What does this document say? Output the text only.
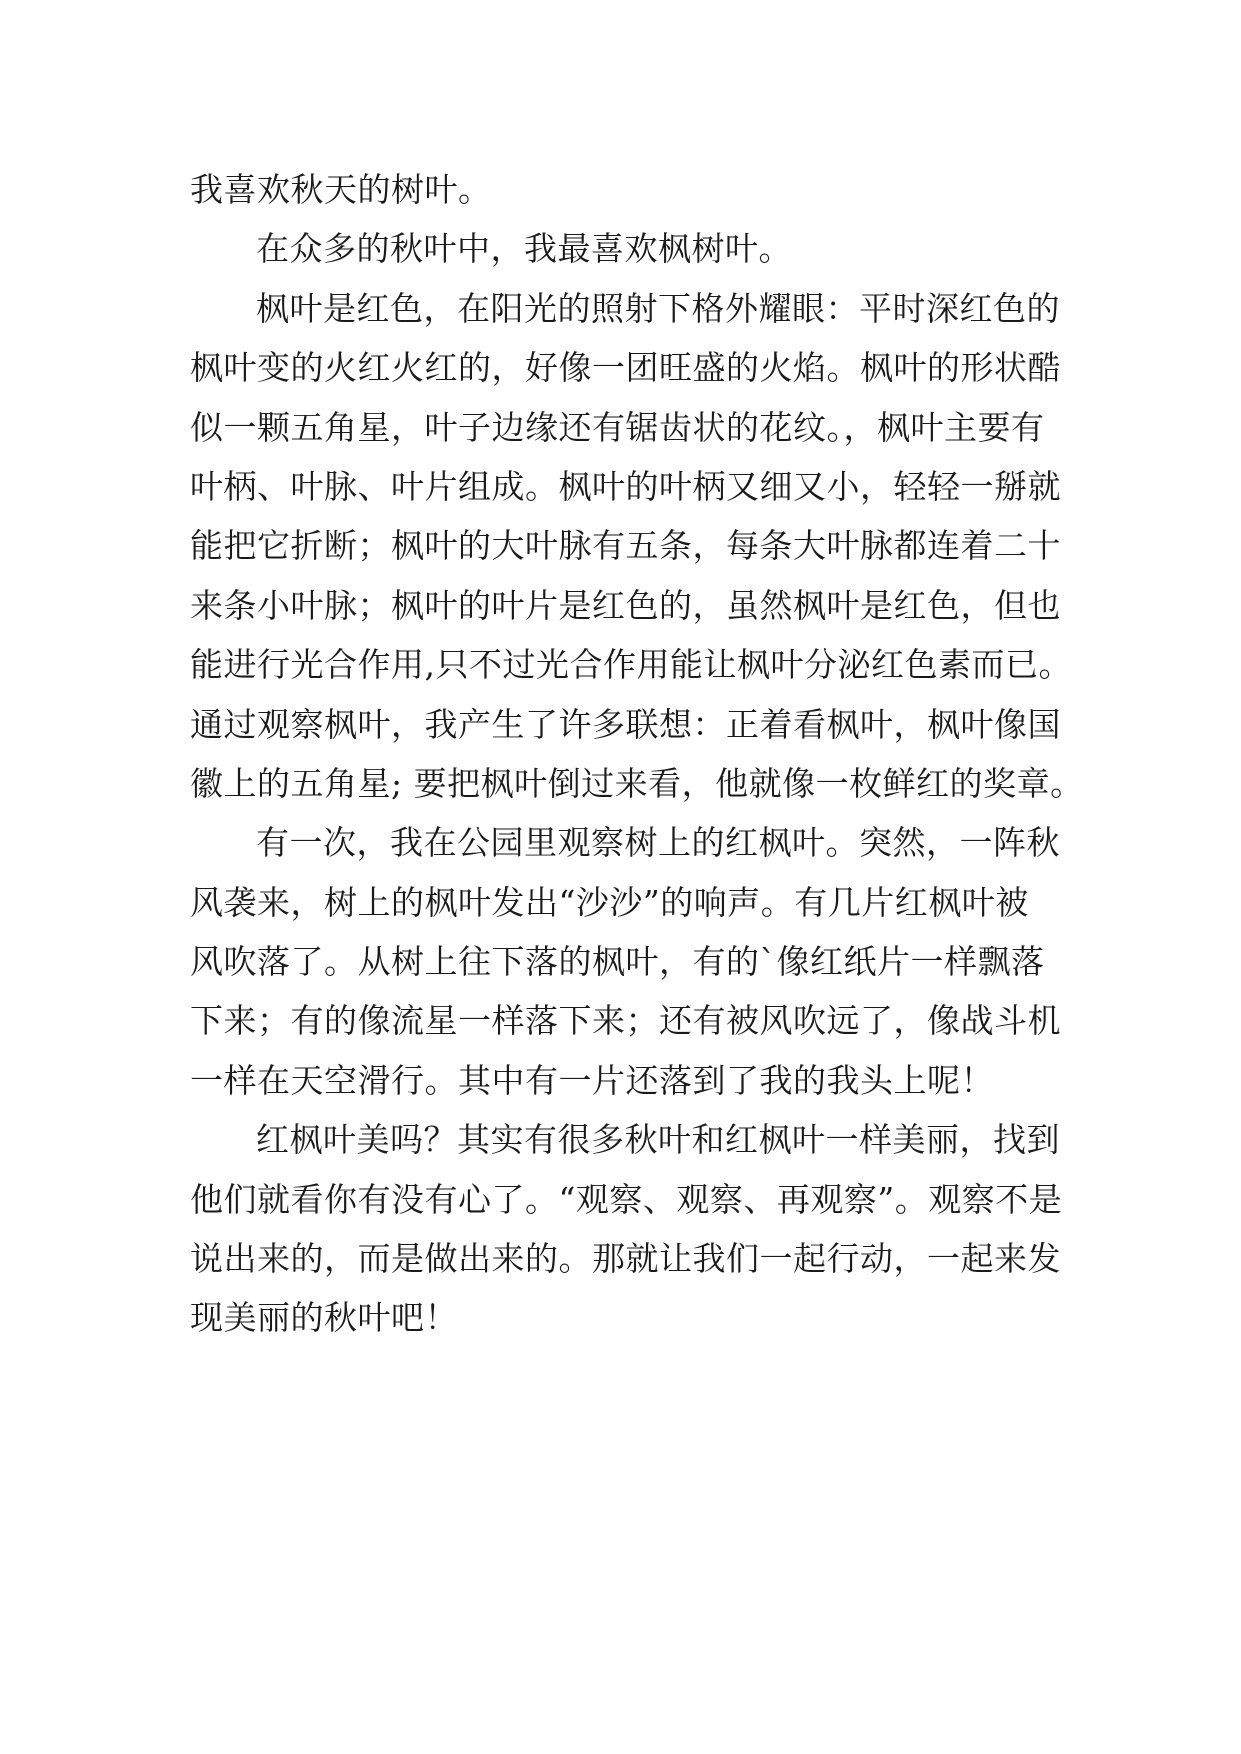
我喜欢秋天的树叶。
在众多的秋叶中，我最喜欢枫树叶。
枫叶是红色，在阳光的照射下格外耀眼：平时深红色的
枫叶变的火红火红的，好像一团旺盛的火焰。枫叶的形状酷
似一颗五角星，叶子边缘还有锯齿状的花纹。，枫叶主要有
叶柄、叶脉、叶片组成。枫叶的叶柄又细又小，轻轻一掰就
能把它折断；枫叶的大叶脉有五条，每条大叶脉都连着二十
来条小叶脉；枫叶的叶片是红色的，虽然枫叶是红色，但也
能进行光合作用,只不过光合作用能让枫叶分泌红色素而已。
通过观察枫叶，我产生了许多联想：正着看枫叶，枫叶像国
徽上的五角星; 要把枫叶倒过来看，他就像一枚鲜红的奖章。
有一次，我在公园里观察树上的红枫叶。突然，一阵秋
风袭来，树上的枫叶发出“沙沙”的响声。有几片红枫叶被
风吹落了。从树上往下落的枫叶，有的`像红纸片一样飘落
下来；有的像流星一样落下来；还有被风吹远了，像战斗机
一样在天空滑行。其中有一片还落到了我的我头上呢！
红枫叶美吗？其实有很多秋叶和红枫叶一样美丽，找到
他们就看你有没有心了。“观察、观察、再观察”。观察不是
说出来的，而是做出来的。那就让我们一起行动，一起来发
现美丽的秋叶吧！
